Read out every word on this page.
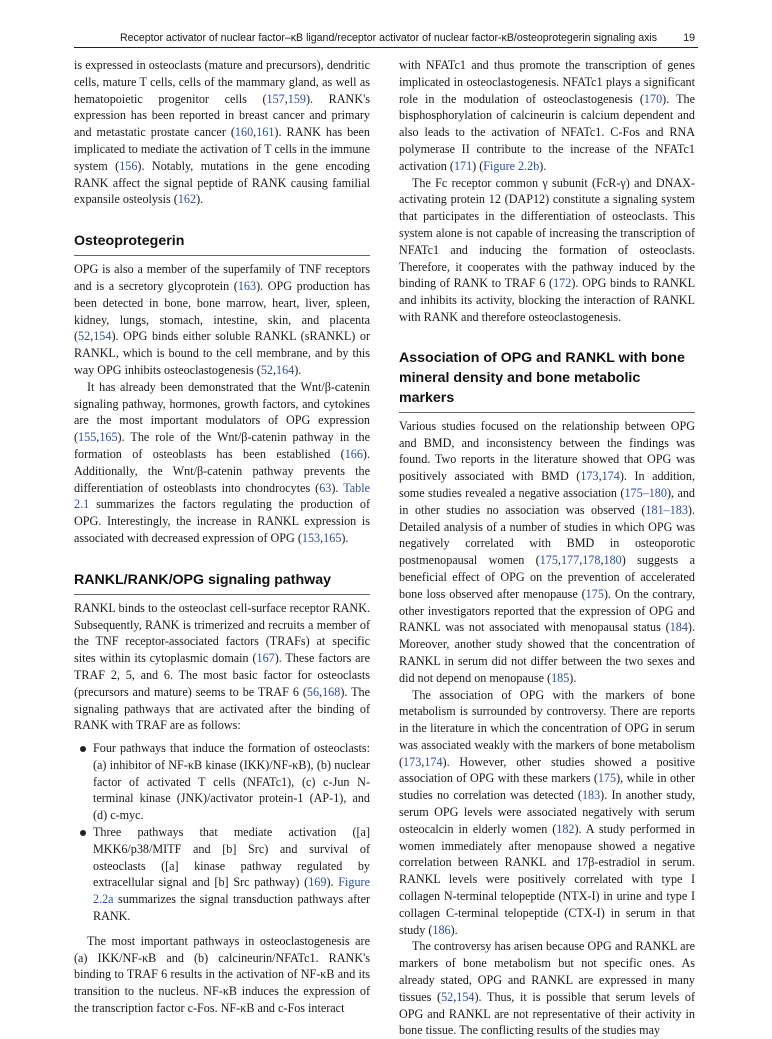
Receptor activator of nuclear factor–κB ligand/receptor activator of nuclear factor-κB/osteoprotegerin signaling axis 19

is expressed in osteoclasts (mature and precursors), dendritic cells, mature T cells, cells of the mammary gland, as well as hematopoietic progenitor cells (157,159). RANK's expression has been reported in breast cancer and primary and metastatic prostate cancer (160,161). RANK has been implicated to mediate the activation of T cells in the immune system (156). Notably, mutations in the gene encoding RANK affect the signal peptide of RANK causing familial expansile osteolysis (162).

Osteoprotegerin

OPG is also a member of the superfamily of TNF receptors and is a secretory glycoprotein (163). OPG production has been detected in bone, bone marrow, heart, liver, spleen, kidney, lungs, stomach, intestine, skin, and placenta (52,154). OPG binds either soluble RANKL (sRANKL) or RANKL, which is bound to the cell membrane, and by this way OPG inhibits osteoclastogenesis (52,164).

It has already been demonstrated that the Wnt/β-catenin signaling pathway, hormones, growth factors, and cytokines are the most important modulators of OPG expression (155,165). The role of the Wnt/β-catenin pathway in the formation of osteoblasts has been established (166). Additionally, the Wnt/β-catenin pathway prevents the differentiation of osteoblasts into chondrocytes (63). Table 2.1 summarizes the factors regulating the production of OPG. Interestingly, the increase in RANKL expression is associated with decreased expression of OPG (153,165).

RANKL/RANK/OPG signaling pathway

RANKL binds to the osteoclast cell-surface receptor RANK. Subsequently, RANK is trimerized and recruits a member of the TNF receptor-associated factors (TRAFs) at specific sites within its cytoplasmic domain (167). These factors are TRAF 2, 5, and 6. The most basic factor for osteoclasts (precursors and mature) seems to be TRAF 6 (56,168). The signaling pathways that are activated after the binding of RANK with TRAF are as follows:

Four pathways that induce the formation of osteoclasts: (a) inhibitor of NF-κB kinase (IKK)/NF-κB), (b) nuclear factor of activated T cells (NFATc1), (c) c-Jun N-terminal kinase (JNK)/activator protein-1 (AP-1), and (d) c-myc.
Three pathways that mediate activation ([a] MKK6/p38/MITF and [b] Src) and survival of osteoclasts ([a] kinase pathway regulated by extracellular signal and [b] Src pathway) (169). Figure 2.2a summarizes the signal transduction pathways after RANK.

The most important pathways in osteoclastogenesis are (a) IKK/NF-κB and (b) calcineurin/NFATc1. RANK's binding to TRAF 6 results in the activation of NF-κB and its transition to the nucleus. NF-κB induces the expression of the transcription factor c-Fos. NF-κB and c-Fos interact

with NFATc1 and thus promote the transcription of genes implicated in osteoclastogenesis. NFATc1 plays a significant role in the modulation of osteoclastogenesis (170). The bisphosphorylation of calcineurin is calcium dependent and also leads to the activation of NFATc1. C-Fos and RNA polymerase II contribute to the increase of the NFATc1 activation (171) (Figure 2.2b).

The Fc receptor common γ subunit (FcR-γ) and DNAX-activating protein 12 (DAP12) constitute a signaling system that participates in the differentiation of osteoclasts. This system alone is not capable of increasing the transcription of NFATc1 and inducing the formation of osteoclasts. Therefore, it cooperates with the pathway induced by the binding of RANK to TRAF 6 (172). OPG binds to RANKL and inhibits its activity, blocking the interaction of RANKL with RANK and therefore osteoclastogenesis.

Association of OPG and RANKL with bone mineral density and bone metabolic markers

Various studies focused on the relationship between OPG and BMD, and inconsistency between the findings was found. Two reports in the literature showed that OPG was positively associated with BMD (173,174). In addition, some studies revealed a negative association (175–180), and in other studies no association was observed (181–183). Detailed analysis of a number of studies in which OPG was negatively correlated with BMD in osteoporotic postmenopausal women (175,177,178,180) suggests a beneficial effect of OPG on the prevention of accelerated bone loss observed after menopause (175). On the contrary, other investigators reported that the expression of OPG and RANKL was not associated with menopausal status (184). Moreover, another study showed that the concentration of RANKL in serum did not differ between the two sexes and did not depend on menopause (185).

The association of OPG with the markers of bone metabolism is surrounded by controversy. There are reports in the literature in which the concentration of OPG in serum was associated weakly with the markers of bone metabolism (173,174). However, other studies showed a positive association of OPG with these markers (175), while in other studies no correlation was detected (183). In another study, serum OPG levels were associated negatively with serum osteocalcin in elderly women (182). A study performed in women immediately after menopause showed a negative correlation between RANKL and 17β-estradiol in serum. RANKL levels were positively correlated with type I collagen N-terminal telopeptide (NTX-I) in urine and type I collagen C-terminal telopeptide (CTX-I) in serum in that study (186).

The controversy has arisen because OPG and RANKL are markers of bone metabolism but not specific ones. As already stated, OPG and RANKL are expressed in many tissues (52,154). Thus, it is possible that serum levels of OPG and RANKL are not representative of their activity in bone tissue. The conflicting results of the studies may
